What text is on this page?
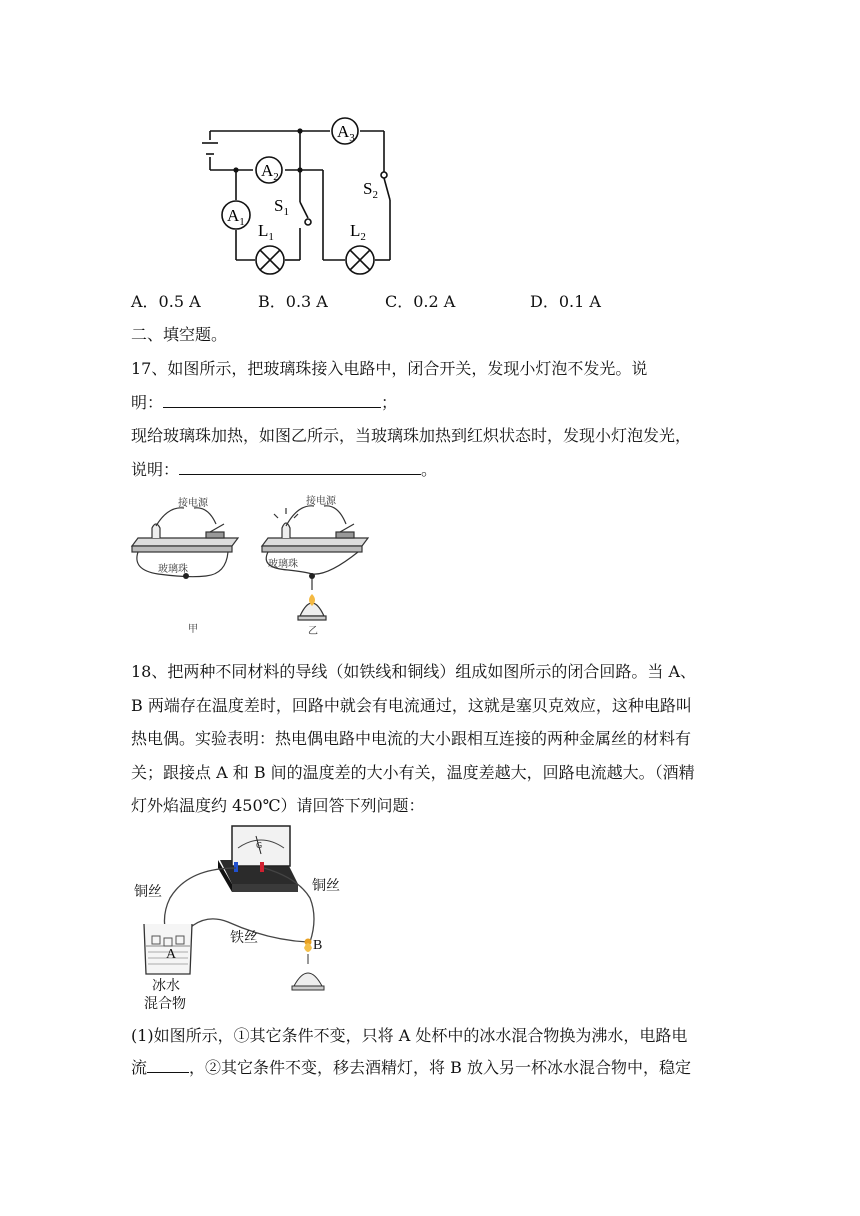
$A_3$
$A_2$
$A_1$
$S_1$
$S_2$
$L_1$	$L_2$
A．0.5 A	B．0.3 A	C．0.2 A	D．0.1 A
二、填空题。
17、如图所示，把玻璃珠接入电路中，闭合开关，发现小灯泡不发光。说
明：	；
现给玻璃珠加热，如图乙所示，当玻璃珠加热到红炽状态时，发现小灯泡发光，
说明：	。
接电源
玻璃珠
甲
接电源
玻璃珠
乙
18、把两种不同材料的导线（如铁线和铜线）组成如图所示的闭合回路。当 A、
B 两端存在温度差时，回路中就会有电流通过，这就是塞贝克效应，这种电路叫
热电偶。实验表明：热电偶电路中电流的大小跟相互连接的两种金属丝的材料有
关；跟接点 A 和 B 间的温度差的大小有关，温度差越大，回路电流越大。（酒精
灯外焰温度约 450℃）请回答下列问题：
G
A
B
铜丝	铜丝
铁丝
冰水
混合物
(1)如图所示，①其它条件不变，只将 A 处杯中的冰水混合物换为沸水，电路电
流	，②其它条件不变，移去酒精灯，将 B 放入另一杯冰水混合物中，稳定
